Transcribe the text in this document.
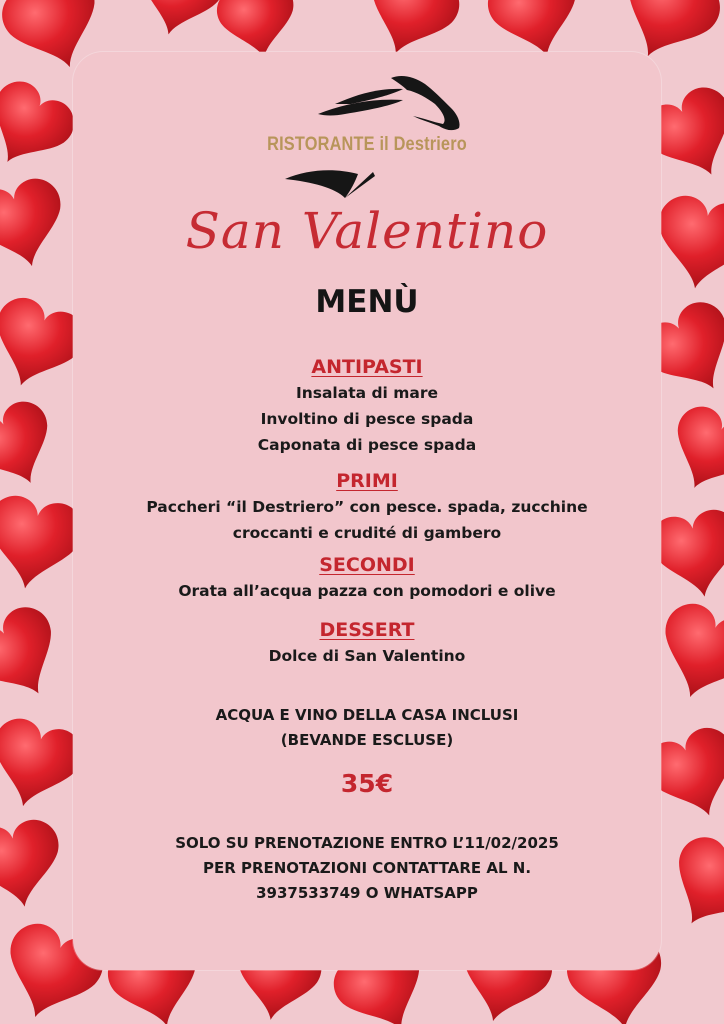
RISTORANTE il Destriero
San Valentino
MENÙ
ANTIPASTI
Insalata di mare
Involtino di pesce spada
Caponata di pesce spada
PRIMI
Paccheri “il Destriero” con pesce. spada, zucchine
croccanti e crudité di gambero
SECONDI
Orata all’acqua pazza con pomodori e olive
DESSERT
Dolce di San Valentino
ACQUA E VINO DELLA CASA INCLUSI
(BEVANDE ESCLUSE)
35€
SOLO SU PRENOTAZIONE ENTRO L’11/02/2025
PER PRENOTAZIONI CONTATTARE AL N.
3937533749 O WHATSAPP
